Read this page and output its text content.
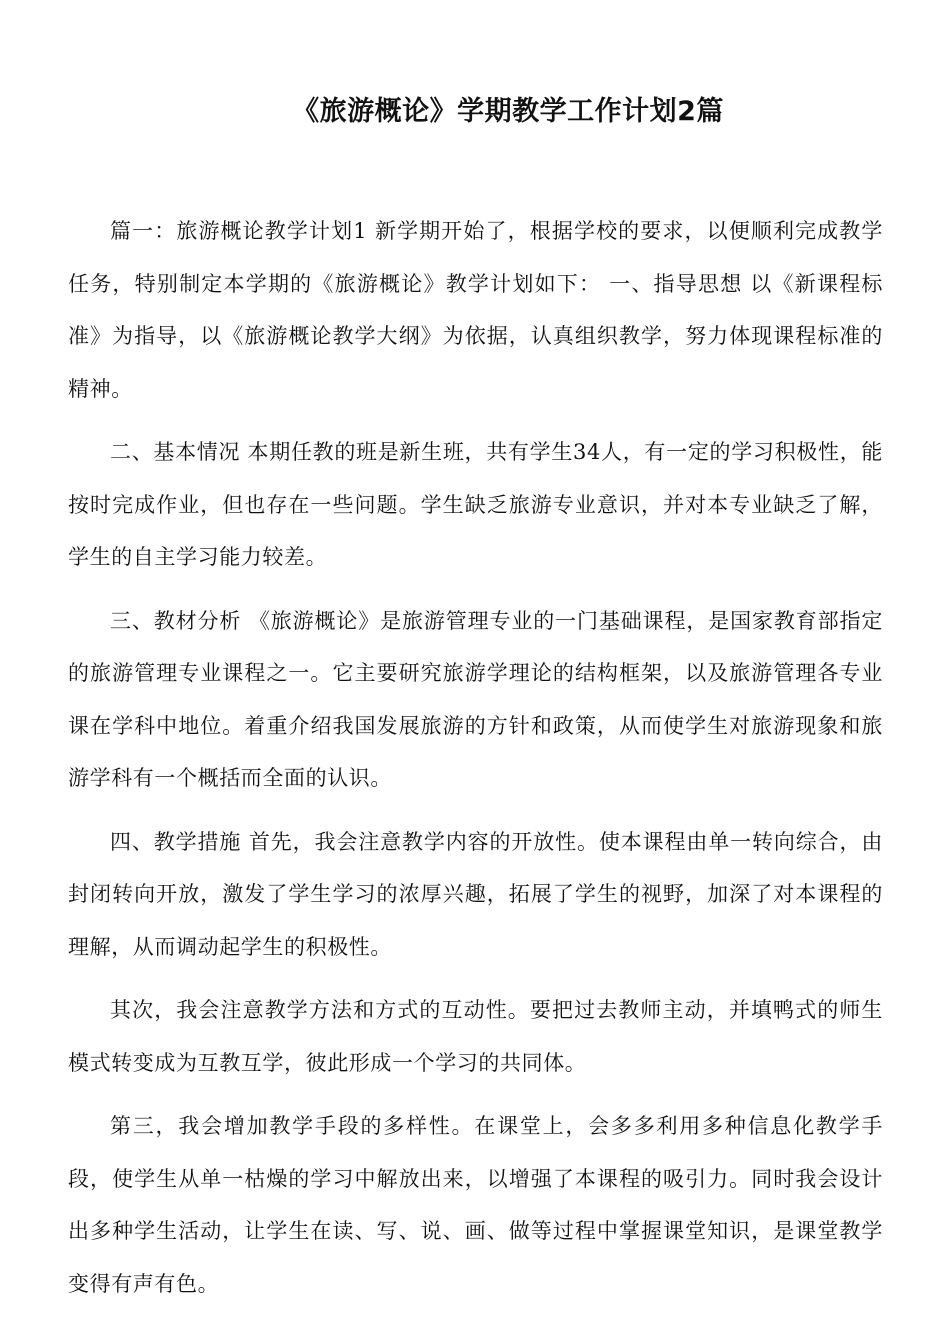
《旅游概论》学期教学工作计划2篇

篇一：旅游概论教学计划1 新学期开始了，根据学校的要求，以便顺利完成教学任务，特别制定本学期的《旅游概论》教学计划如下： 一、指导思想 以《新课程标准》为指导，以《旅游概论教学大纲》为依据，认真组织教学，努力体现课程标准的精神。

二、基本情况 本期任教的班是新生班，共有学生34人，有一定的学习积极性，能按时完成作业，但也存在一些问题。学生缺乏旅游专业意识，并对本专业缺乏了解，学生的自主学习能力较差。

三、教材分析 《旅游概论》是旅游管理专业的一门基础课程，是国家教育部指定的旅游管理专业课程之一。它主要研究旅游学理论的结构框架，以及旅游管理各专业课在学科中地位。着重介绍我国发展旅游的方针和政策，从而使学生对旅游现象和旅游学科有一个概括而全面的认识。

四、教学措施 首先，我会注意教学内容的开放性。使本课程由单一转向综合，由封闭转向开放，激发了学生学习的浓厚兴趣，拓展了学生的视野，加深了对本课程的理解，从而调动起学生的积极性。

其次，我会注意教学方法和方式的互动性。要把过去教师主动，并填鸭式的师生模式转变成为互教互学，彼此形成一个学习的共同体。

第三，我会增加教学手段的多样性。在课堂上，会多多利用多种信息化教学手段，使学生从单一枯燥的学习中解放出来，以增强了本课程的吸引力。同时我会设计出多种学生活动，让学生在读、写、说、画、做等过程中掌握课堂知识，是课堂教学变得有声有色。
